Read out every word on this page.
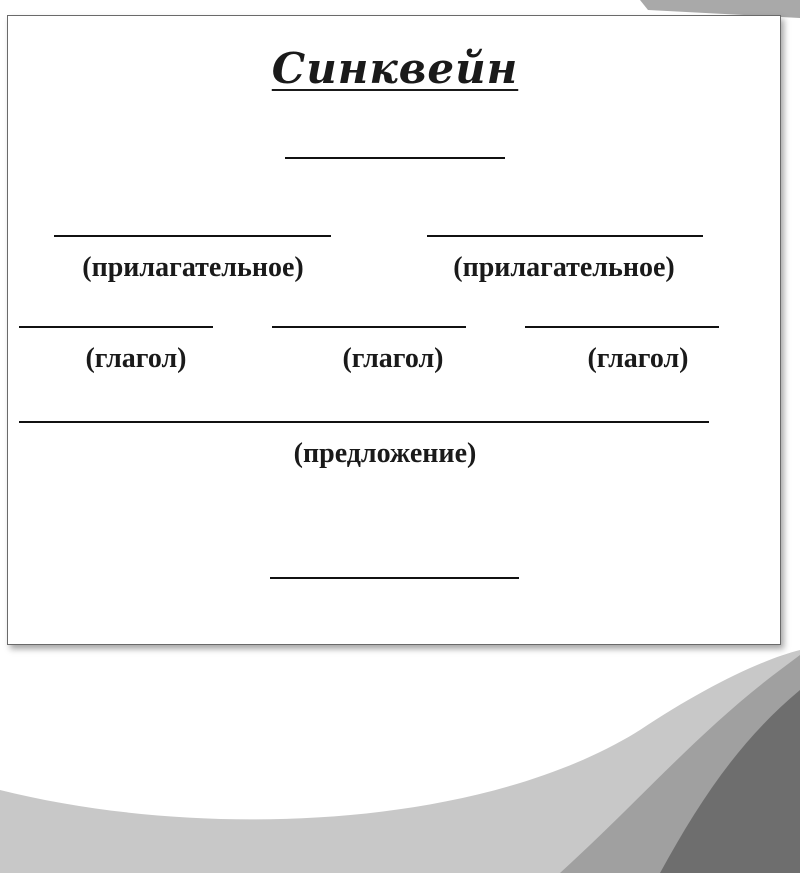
Синквейн
(прилагательное)	(прилагательное)
(глагол)	(глагол)	(глагол)
(предложение)
